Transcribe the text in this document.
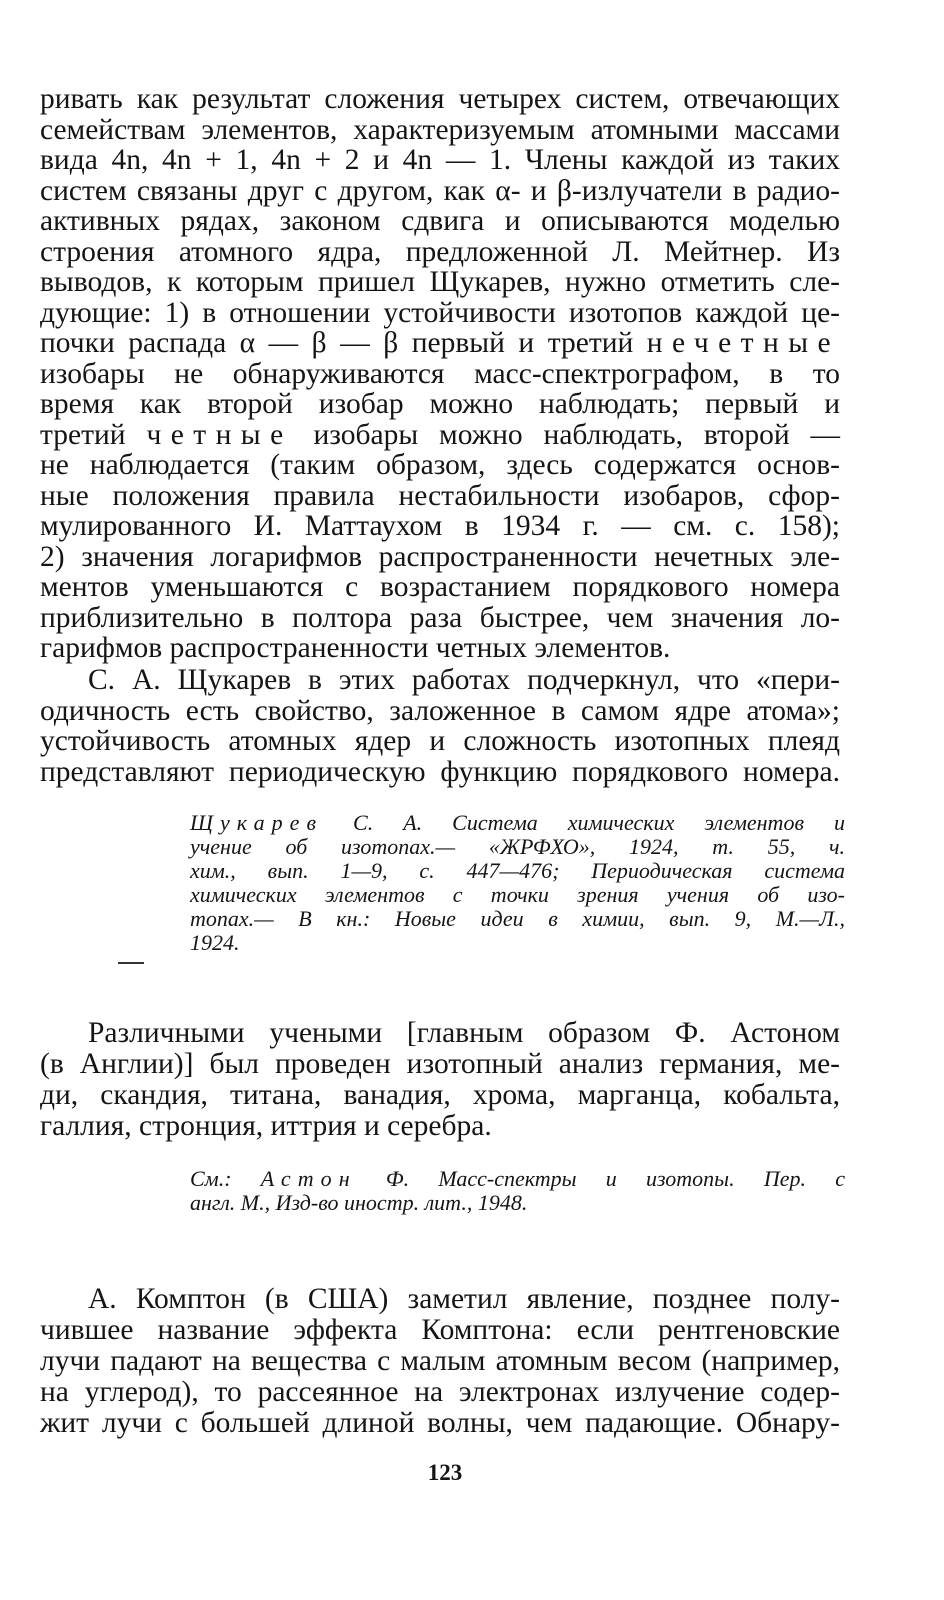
ривать как результат сложения четырех систем, отвечающих
семействам элементов, характеризуемым атомными массами
вида 4n, 4n + 1, 4n + 2 и 4n — 1. Члены каждой из таких
систем связаны друг с другом, как α- и β-излучатели в радио-
активных рядах, законом сдвига и описываются моделью
строения атомного ядра, предложенной Л. Мейтнер. Из
выводов, к которым пришел Щукарев, нужно отметить сле-
дующие: 1) в отношении устойчивости изотопов каждой це-
почки распада α — β — β первый и третий нечетные
изобары не обнаруживаются масс-спектрографом, в то
время как второй изобар можно наблюдать; первый и
третий четные изобары можно наблюдать, второй —
не наблюдается (таким образом, здесь содержатся основ-
ные положения правила нестабильности изобаров, сфор-
мулированного И. Маттаухом в 1934 г. — см. с. 158);
2) значения логарифмов распространенности нечетных эле-
ментов уменьшаются с возрастанием порядкового номера
приблизительно в полтора раза быстрее, чем значения ло-
гарифмов распространенности четных элементов.
С. А. Щукарев в этих работах подчеркнул, что «пери-
одичность есть свойство, заложенное в самом ядре атома»;
устойчивость атомных ядер и сложность изотопных плеяд
представляют периодическую функцию порядкового номера.
Щукарев С. А. Система химических элементов и
учение об изотопах.— «ЖРФХО», 1924, т. 55, ч.
хим., вып. 1—9, с. 447—476; Периодическая система
химических элементов с точки зрения учения об изо-
топах.— В кн.: Новые идеи в химии, вып. 9, М.—Л.,
1924.
Различными учеными [главным образом Ф. Астоном
(в Англии)] был проведен изотопный анализ германия, ме-
ди, скандия, титана, ванадия, хрома, марганца, кобальта,
галлия, стронция, иттрия и серебра.
См.: Астон Ф. Масс-спектры и изотопы. Пер. с
англ. М., Изд-во иностр. лит., 1948.
А. Комптон (в США) заметил явление, позднее полу-
чившее название эффекта Комптона: если рентгеновские
лучи падают на вещества с малым атомным весом (например,
на углерод), то рассеянное на электронах излучение содер-
жит лучи с большей длиной волны, чем падающие. Обнару-
123
